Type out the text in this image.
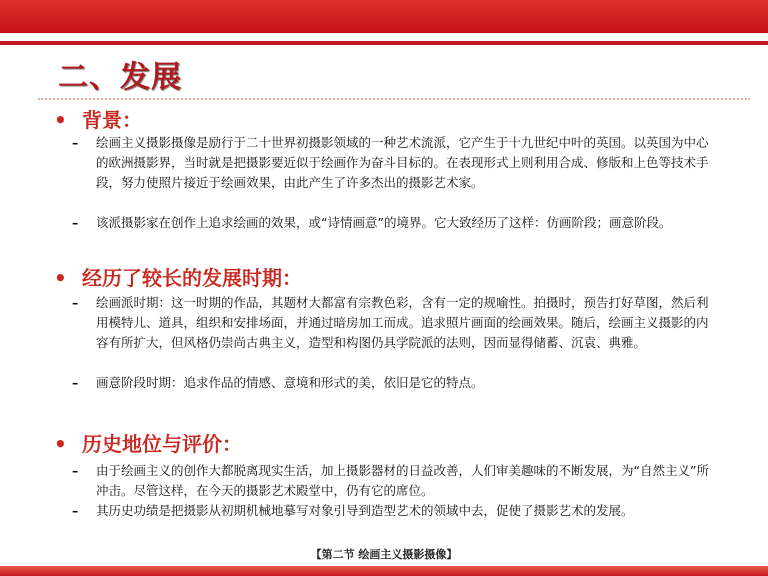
二、发展
• 背景：
– 绘画主义摄影摄像是励行于二十世界初摄影领域的一种艺术流派，它产生于十九世纪中叶的英国。以英国为中心的欧洲摄影界，当时就是把摄影要近似于绘画作为奋斗目标的。在表现形式上则利用合成、修版和上色等技术手段，努力使照片接近于绘画效果，由此产生了许多杰出的摄影艺术家。
– 该派摄影家在创作上追求绘画的效果，或“诗情画意”的境界。它大致经历了这样：仿画阶段；画意阶段。
• 经历了较长的发展时期：
– 绘画派时期：这一时期的作品，其题材大都富有宗教色彩，含有一定的规喻性。拍摄时，预告打好草图，然后利用模特儿、道具，组织和安排场面，并通过暗房加工而成。追求照片画面的绘画效果。随后，绘画主义摄影的内容有所扩大，但风格仍崇尚古典主义，造型和构图仍具学院派的法则，因而显得储蓄、沉袁、典雅。
– 画意阶段时期：追求作品的情感、意境和形式的美，依旧是它的特点。
• 历史地位与评价：
– 由于绘画主义的创作大都脱离现实生活，加上摄影器材的日益改善，人们审美趣味的不断发展，为“自然主义”所冲击。尽管这样，在今天的摄影艺术殿堂中，仍有它的席位。
– 其历史功绩是把摄影从初期机械地摹写对象引导到造型艺术的领域中去，促使了摄影艺术的发展。
【第二节 绘画主义摄影摄像】
